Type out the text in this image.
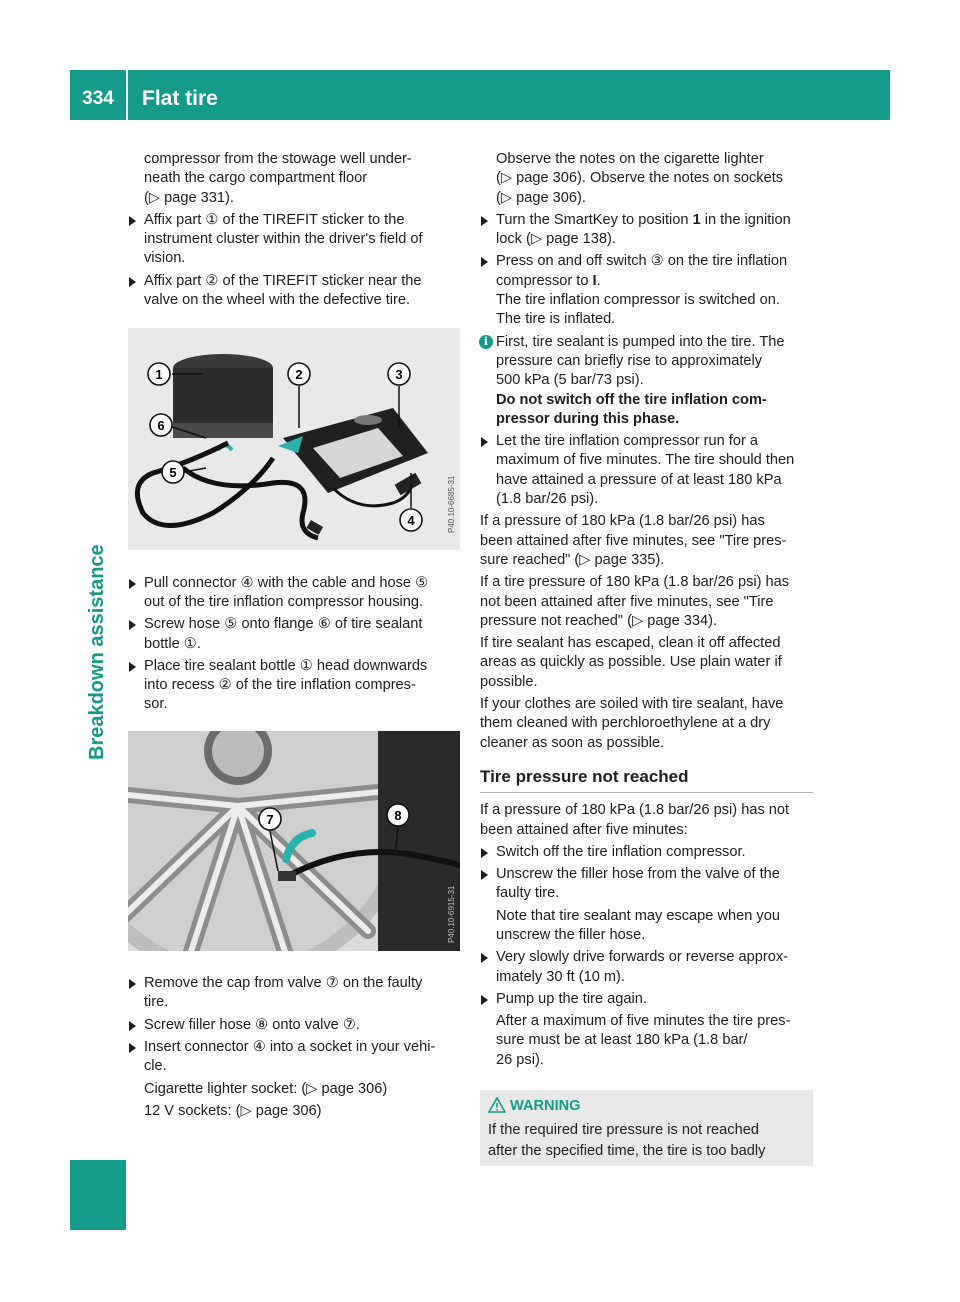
334	Flat tire
Breakdown assistance

compressor from the stowage well under-

neath the cargo compartment floor

(▷ page 331).

Affix part ① of the TIREFIT sticker to the

instrument cluster within the driver's field of

vision.

Affix part ② of the TIREFIT sticker near the

valve on the wheel with the defective tire.

1	2	3
4
5
6
P40.10-6685-31

Pull connector ④ with the cable and hose ⑤

out of the tire inflation compressor housing.

Screw hose ⑤ onto flange ⑥ of tire sealant

bottle ①.

Place tire sealant bottle ① head downwards

into recess ② of the tire inflation compres-

sor.

7	8
P40.10-6915-31

Remove the cap from valve ⑦ on the faulty

tire.

Screw filler hose ⑧ onto valve ⑦.

Insert connector ④ into a socket in your vehi-

cle.

Cigarette lighter socket: (▷ page 306)

12 V sockets: (▷ page 306)

Observe the notes on the cigarette lighter

(▷ page 306). Observe the notes on sockets

(▷ page 306).

Turn the SmartKey to position 1 in the ignition

lock (▷ page 138).

Press on and off switch ③ on the tire inflation

compressor to I.

The tire inflation compressor is switched on.

The tire is inflated.

i First, tire sealant is pumped into the tire. The

pressure can briefly rise to approximately

500 kPa (5 bar/73 psi).

Do not switch off the tire inflation com-

pressor during this phase.

Let the tire inflation compressor run for a

maximum of five minutes. The tire should then

have attained a pressure of at least 180 kPa

(1.8 bar/26 psi).

If a pressure of 180 kPa (1.8 bar/26 psi) has

been attained after five minutes, see "Tire pres-

sure reached" (▷ page 335).

If a tire pressure of 180 kPa (1.8 bar/26 psi) has

not been attained after five minutes, see "Tire

pressure not reached" (▷ page 334).

If tire sealant has escaped, clean it off affected

areas as quickly as possible. Use plain water if

possible.

If your clothes are soiled with tire sealant, have

them cleaned with perchloroethylene at a dry

cleaner as soon as possible.

Tire pressure not reached

If a pressure of 180 kPa (1.8 bar/26 psi) has not

been attained after five minutes:

Switch off the tire inflation compressor.

Unscrew the filler hose from the valve of the

faulty tire.

Note that tire sealant may escape when you

unscrew the filler hose.

Very slowly drive forwards or reverse approx-

imately 30 ft (10 m).

Pump up the tire again.

After a maximum of five minutes the tire pres-

sure must be at least 180 kPa (1.8 bar/

26 psi).

WARNING

If the required tire pressure is not reached

after the specified time, the tire is too badly
